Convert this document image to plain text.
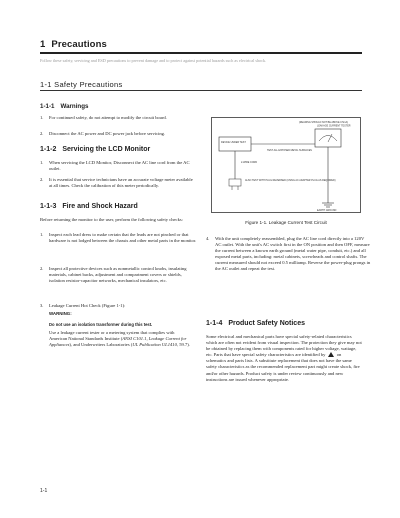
1 Precautions
Follow these safety, servicing and ESD precautions to prevent damage and to protect against potential hazards such as electrical shock.
1-1 Safety Precautions
1-1-1 Warnings
1. For continued safety, do not attempt to modify the circuit board.
2. Disconnect the AC power and DC power jack before servicing.
1-1-2 Servicing the LCD Monitor
1. When servicing the LCD Monitor, Disconnect the AC line cord from the AC outlet.
2. It is essential that service technicians have an accurate voltage meter available at all times. Check the calibration of this meter periodically.
1-1-3 Fire and Shock Hazard
Before returning the monitor to the user, perform the following safety checks:
1. Inspect each lead dress to make certain that the leads are not pinched or that hardware is not lodged between the chassis and other metal parts in the monitor.
2. Inspect all protective devices such as nonmetallic control knobs, insulating materials, cabinet backs, adjustment and compartment covers or shields, isolation resistor-capacitor networks, mechanical insulators, etc.
3. Leakage Current Hot Check (Figure 1-1):
WARNING:
Do not use an isolation transformer during this test.
Use a leakage current tester or a metering system that complies with American National Standards Institute (ANSI C101.1, Leakage Current for Appliances), and Underwriters Laboratories (UL Publication UL1410, 59.7).
(READING SHOULD NOT BE ABOVE 0.5mA)
LEAKAGE CURRENT TESTER
DEVICE UNDER TEST
TEST ALL EXPOSED METAL SURFACES
2-WIRE CORD
ALSO TEST WITH PLUG REVERSED (USING AC ADAPTER PLUG AS REQUIRED)
EARTH GROUND
Figure 1-1. Leakage Current Test Circuit
4. With the unit completely reassembled, plug the AC line cord directly into a 120V AC outlet. With the unit's AC switch first in the ON position and then OFF, measure the current between a known earth ground (metal water pipe, conduit, etc.) and all exposed metal parts, including: metal cabinets, screwheads and control shafts. The current measured should not exceed 0.5 milliamp. Reverse the power-plug prongs in the AC outlet and repeat the test.
1-1-4 Product Safety Notices
Some electrical and mechanical parts have special safety-related characteristics which are often not evident from visual inspection. The protection they give may not be obtained by replacing them with components rated for higher voltage, wattage, etc. Parts that have special safety characteristics are identified by on schematics and parts lists. A substitute replacement that does not have the same safety characteristics as the recommended replacement part might create shock, fire and/or other hazards. Product safety is under review continuously and new instructions are issued whenever appropriate.
1-1
